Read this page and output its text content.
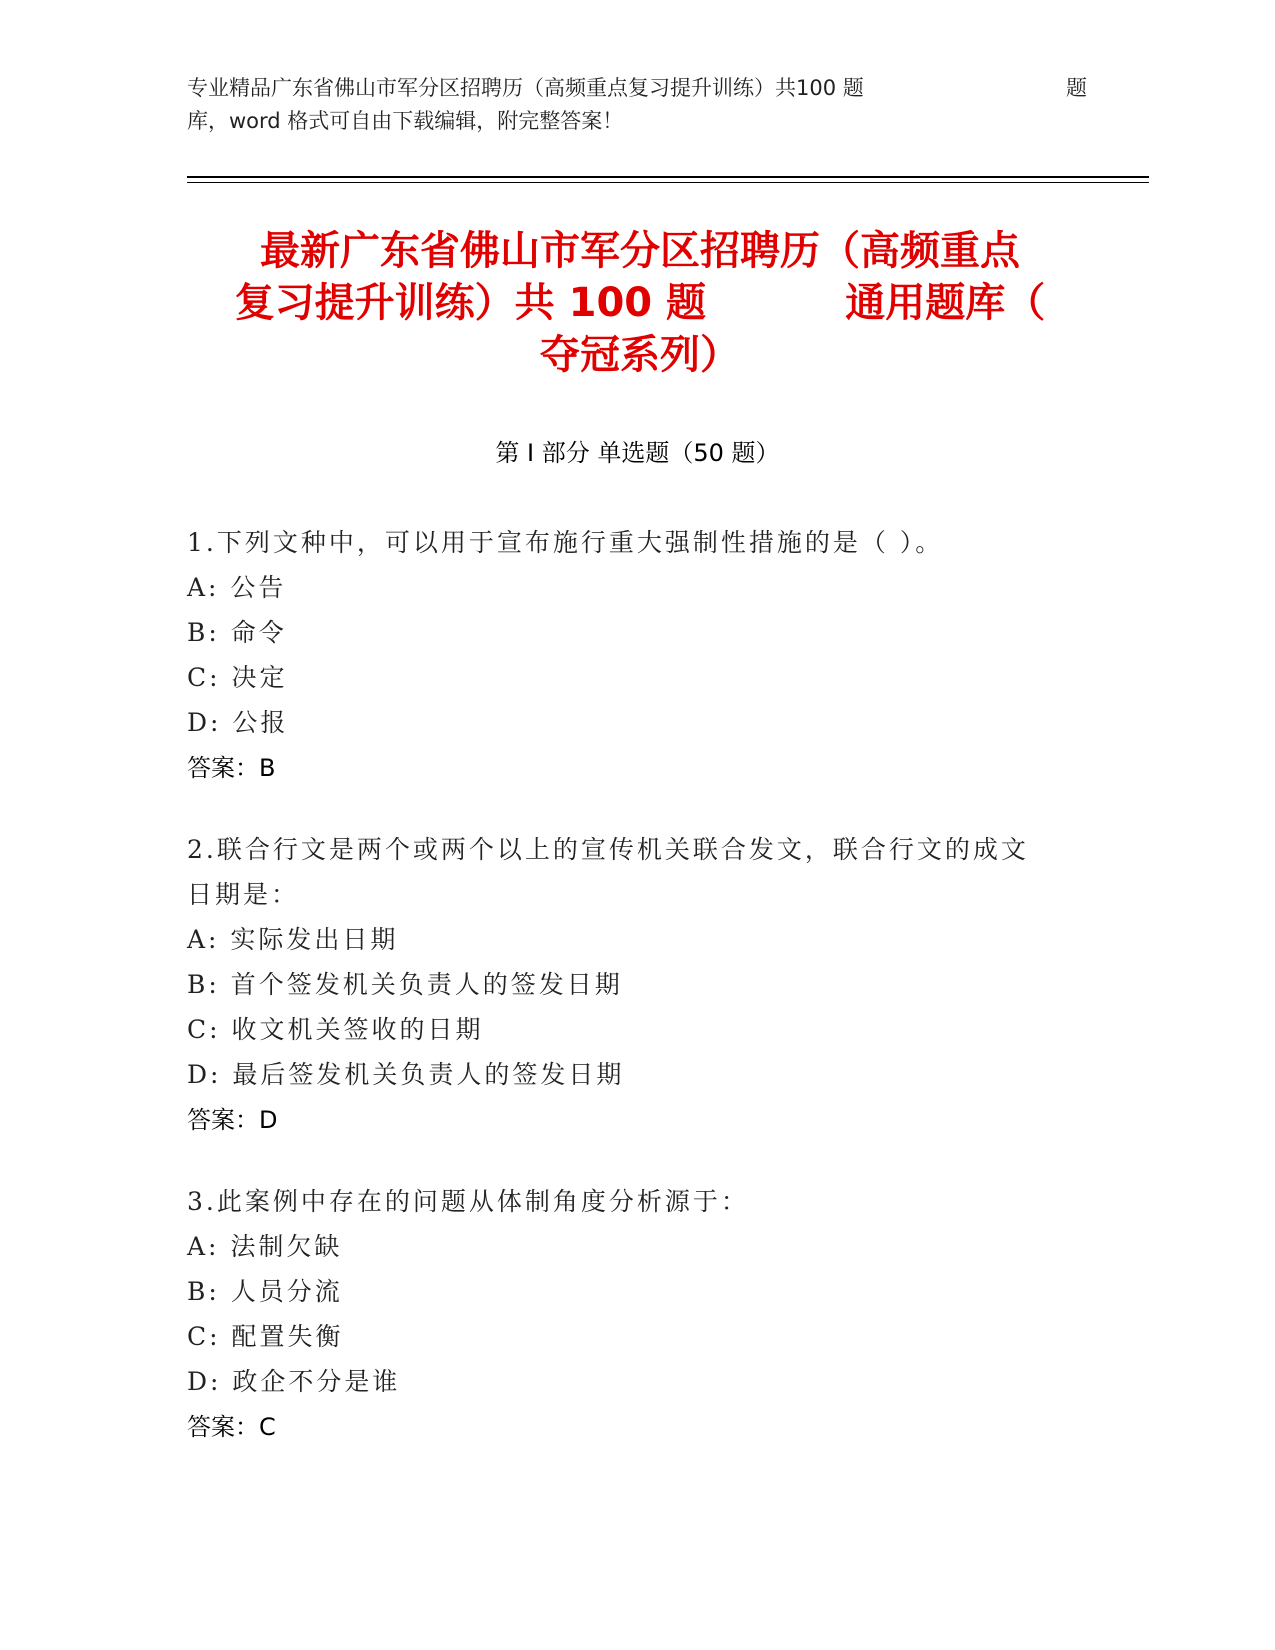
专业精品广东省佛山市军分区招聘历（高频重点复习提升训练）共100 题	题
库，word 格式可自由下载编辑，附完整答案！
最新广东省佛山市军分区招聘历（高频重点
复习提升训练）共 100 题          通用题库（
夺冠系列）
第 I 部分 单选题（50 题）
1.下列文种中，可以用于宣布施行重大强制性措施的是（ ）。
A: 公告
B: 命令
C: 决定
D: 公报
答案：B
2.联合行文是两个或两个以上的宣传机关联合发文，联合行文的成文
日期是：
A: 实际发出日期
B: 首个签发机关负责人的签发日期
C: 收文机关签收的日期
D: 最后签发机关负责人的签发日期
答案：D
3.此案例中存在的问题从体制角度分析源于：
A: 法制欠缺
B: 人员分流
C: 配置失衡
D: 政企不分是谁
答案：C
